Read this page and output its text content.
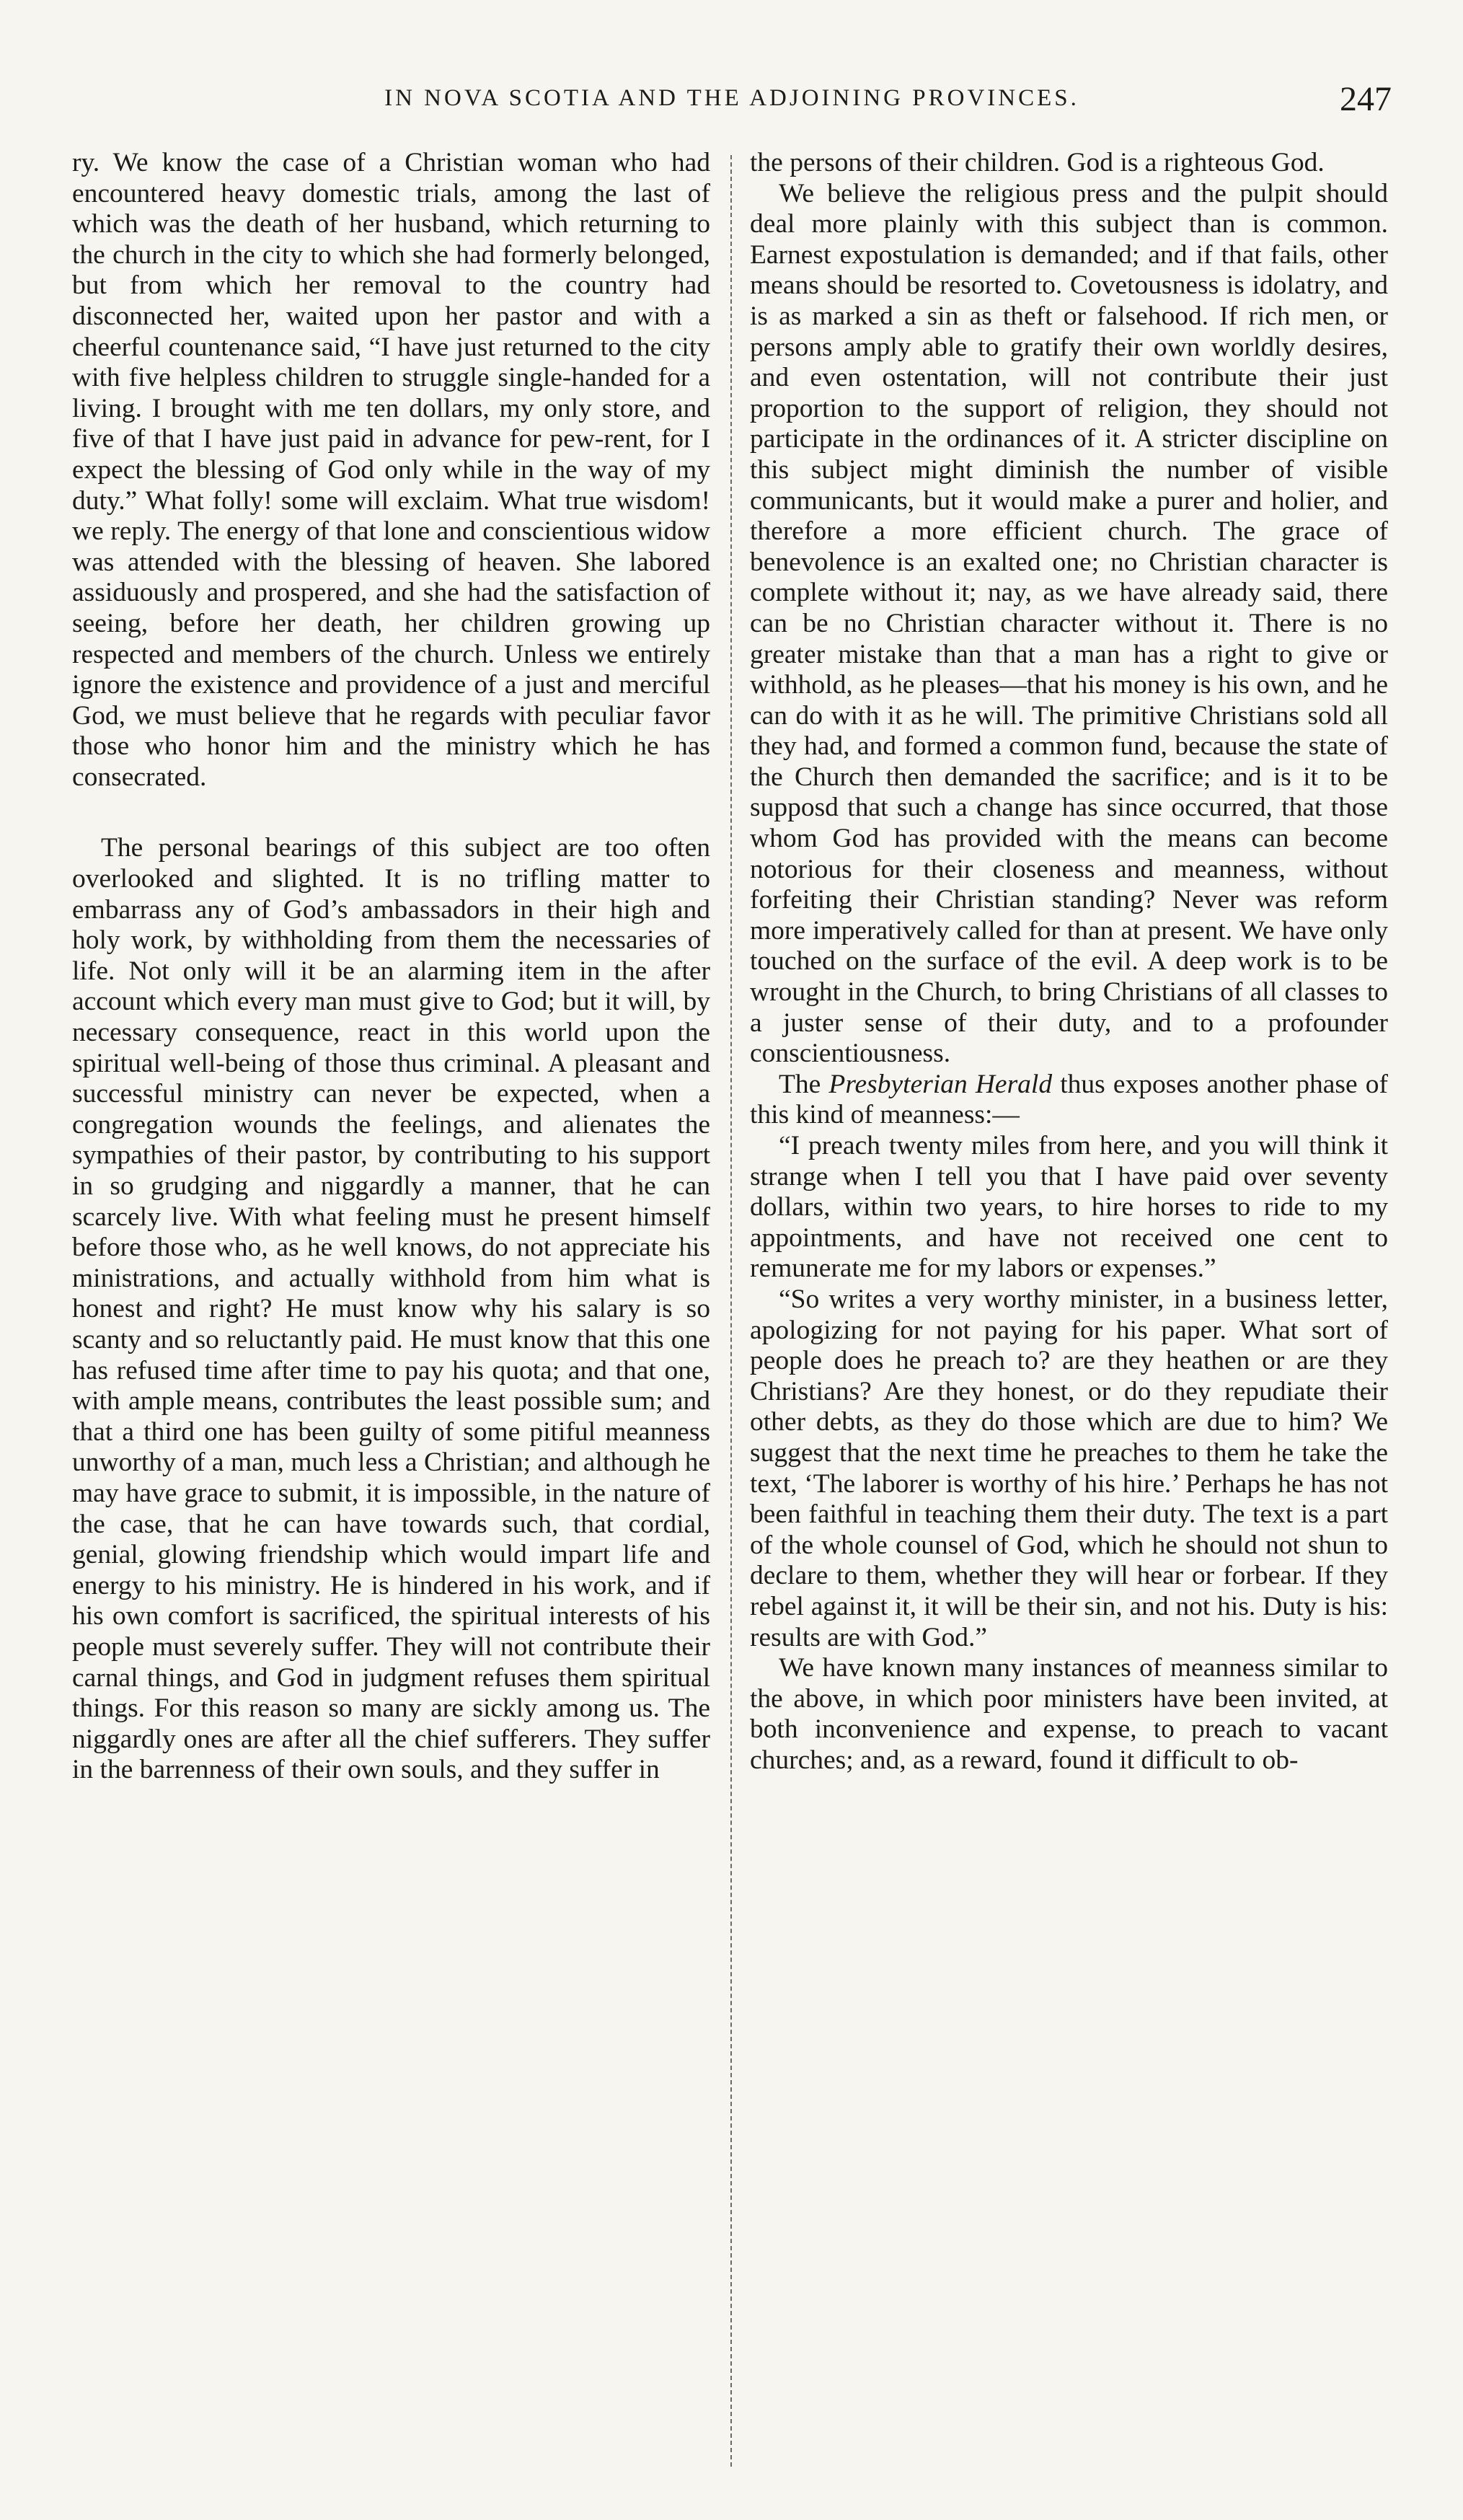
IN NOVA SCOTIA AND THE ADJOINING PROVINCES.	247

ry. We know the case of a Christian woman who had encountered heavy domestic trials, among the last of which was the death of her husband, which returning to the church in the city to which she had formerly belonged, but from which her removal to the country had disconnected her, waited upon her pastor and with a cheerful countenance said, “I have just returned to the city with five helpless children to struggle single-handed for a living. I brought with me ten dollars, my only store, and five of that I have just paid in advance for pew-rent, for I expect the blessing of God only while in the way of my duty.” What folly! some will exclaim. What true wisdom! we reply. The energy of that lone and conscientious widow was attended with the blessing of heaven. She labored assiduously and prospered, and she had the satisfaction of seeing, before her death, her children growing up respected and members of the church. Unless we entirely ignore the existence and providence of a just and merciful God, we must believe that he regards with peculiar favor those who honor him and the ministry which he has consecrated.

The personal bearings of this subject are too often overlooked and slighted. It is no trifling matter to embarrass any of God’s ambassadors in their high and holy work, by withholding from them the necessaries of life. Not only will it be an alarming item in the after account which every man must give to God; but it will, by necessary consequence, react in this world upon the spiritual well-being of those thus criminal. A pleasant and successful ministry can never be expected, when a congregation wounds the feelings, and alienates the sympathies of their pastor, by contributing to his support in so grudging and niggardly a manner, that he can scarcely live. With what feeling must he present himself before those who, as he well knows, do not appreciate his ministrations, and actually withhold from him what is honest and right? He must know why his salary is so scanty and so reluctantly paid. He must know that this one has refused time after time to pay his quota; and that one, with ample means, contributes the least possible sum; and that a third one has been guilty of some pitiful meanness unworthy of a man, much less a Christian; and although he may have grace to submit, it is impossible, in the nature of the case, that he can have towards such, that cordial, genial, glowing friendship which would impart life and energy to his ministry. He is hindered in his work, and if his own comfort is sacrificed, the spiritual interests of his people must severely suffer. They will not contribute their carnal things, and God in judgment refuses them spiritual things. For this reason so many are sickly among us. The niggardly ones are after all the chief sufferers. They suffer in the barrenness of their own souls, and they suffer in

the persons of their children. God is a righteous God.

We believe the religious press and the pulpit should deal more plainly with this subject than is common. Earnest expostulation is demanded; and if that fails, other means should be resorted to. Covetousness is idolatry, and is as marked a sin as theft or falsehood. If rich men, or persons amply able to gratify their own worldly desires, and even ostentation, will not contribute their just proportion to the support of religion, they should not participate in the ordinances of it. A stricter discipline on this subject might diminish the number of visible communicants, but it would make a purer and holier, and therefore a more efficient church. The grace of benevolence is an exalted one; no Christian character is complete without it; nay, as we have already said, there can be no Christian character without it. There is no greater mistake than that a man has a right to give or withhold, as he pleases—that his money is his own, and he can do with it as he will. The primitive Christians sold all they had, and formed a common fund, because the state of the Church then demanded the sacrifice; and is it to be supposd that such a change has since occurred, that those whom God has provided with the means can become notorious for their closeness and meanness, without forfeiting their Christian standing? Never was reform more imperatively called for than at present. We have only touched on the surface of the evil. A deep work is to be wrought in the Church, to bring Christians of all classes to a juster sense of their duty, and to a profounder conscientiousness.

The Presbyterian Herald thus exposes another phase of this kind of meanness:—

“I preach twenty miles from here, and you will think it strange when I tell you that I have paid over seventy dollars, within two years, to hire horses to ride to my appointments, and have not received one cent to remunerate me for my labors or expenses.”

“So writes a very worthy minister, in a business letter, apologizing for not paying for his paper. What sort of people does he preach to? are they heathen or are they Christians? Are they honest, or do they repudiate their other debts, as they do those which are due to him? We suggest that the next time he preaches to them he take the text, ‘The laborer is worthy of his hire.’ Perhaps he has not been faithful in teaching them their duty. The text is a part of the whole counsel of God, which he should not shun to declare to them, whether they will hear or forbear. If they rebel against it, it will be their sin, and not his. Duty is his: results are with God.”

We have known many instances of meanness similar to the above, in which poor ministers have been invited, at both inconvenience and expense, to preach to vacant churches; and, as a reward, found it difficult to ob-
